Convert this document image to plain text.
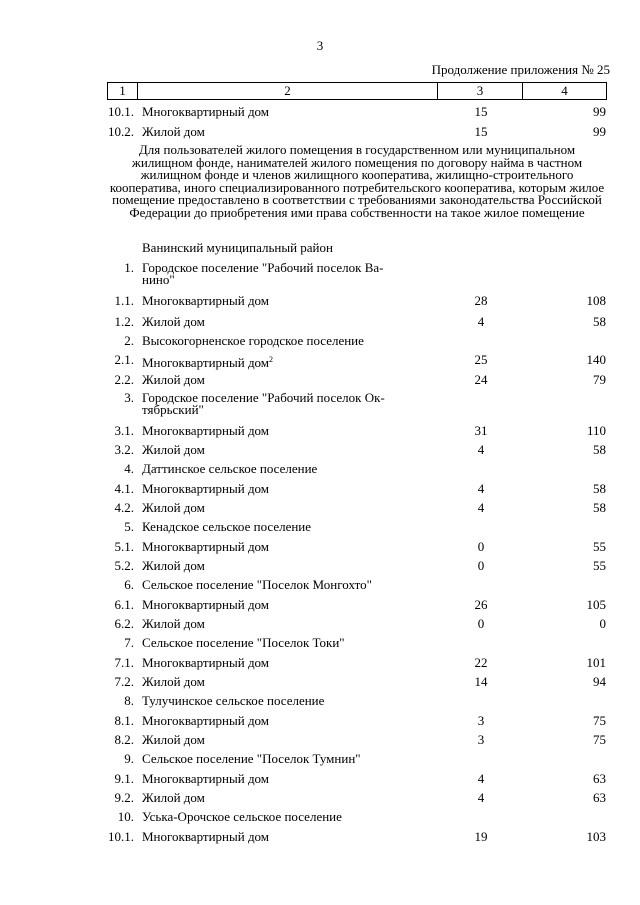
3
Продолжение приложения № 25
1	2	3	4
10.1. Многоквартирный дом	15	99
10.2. Жилой дом	15	99
Для пользователей жилого помещения в государственном или муниципальном жилищном фонде, нанимателей жилого помещения по договору найма в частном жилищном фонде и членов жилищного кооператива, жилищно-строительного кооператива, иного специализированного потребительского кооператива, которым жилое помещение предоставлено в соответствии с требованиями законодательства Российской Федерации до приобретения ими права собственности на такое жилое помещение
Ванинский муниципальный район
1. Городское поселение "Рабочий поселок Ва-
нино"
1.1. Многоквартирный дом	28	108
1.2. Жилой дом	4	58
2. Высокогорненское городское поселение
2.1. Многоквартирный дом$^2$	25	140
2.2. Жилой дом	24	79
3. Городское поселение "Рабочий поселок Ок-
тябрьский"
3.1. Многоквартирный дом	31	110
3.2. Жилой дом	4	58
4. Даттинское сельское поселение
4.1. Многоквартирный дом	4	58
4.2. Жилой дом	4	58
5. Кенадское сельское поселение
5.1. Многоквартирный дом	0	55
5.2. Жилой дом	0	55
6. Сельское поселение "Поселок Монгохто"
6.1. Многоквартирный дом	26	105
6.2. Жилой дом	0	0
7. Сельское поселение "Поселок Токи"
7.1. Многоквартирный дом	22	101
7.2. Жилой дом	14	94
8. Тулучинское сельское поселение
8.1. Многоквартирный дом	3	75
8.2. Жилой дом	3	75
9. Сельское поселение "Поселок Тумнин"
9.1. Многоквартирный дом	4	63
9.2. Жилой дом	4	63
10. Уська-Орочское сельское поселение
10.1. Многоквартирный дом	19	103
